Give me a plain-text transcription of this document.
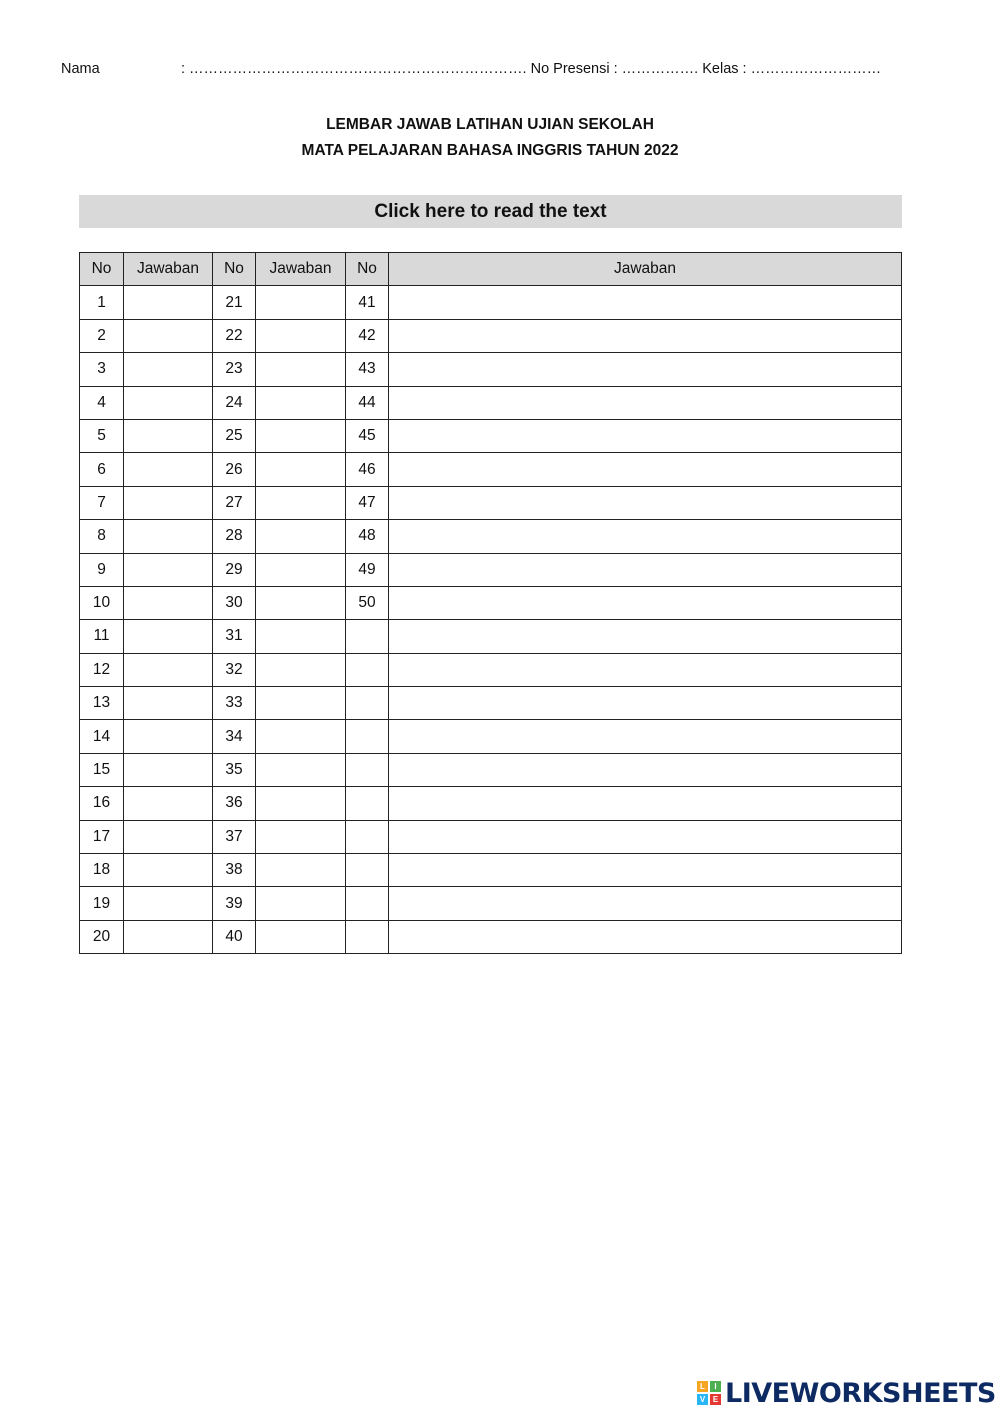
Nama	: ……………………………………………………………. No Presensi : ……………. Kelas : ………………………
LEMBAR JAWAB LATIHAN UJIAN SEKOLAH
MATA PELAJARAN BAHASA INGGRIS TAHUN 2022
Click here to read the text
No	Jawaban	No	Jawaban	No	Jawaban
1		21		41	
2		22		42	
3		23		43	
4		24		44	
5		25		45	
6		26		46	
7		27		47	
8		28		48	
9		29		49	
10		30		50	
11		31			
12		32			
13		33			
14		34			
15		35			
16		36			
17		37			
18		38			
19		39			
20		40			
L	I
V E LIVEWORKSHEETS
